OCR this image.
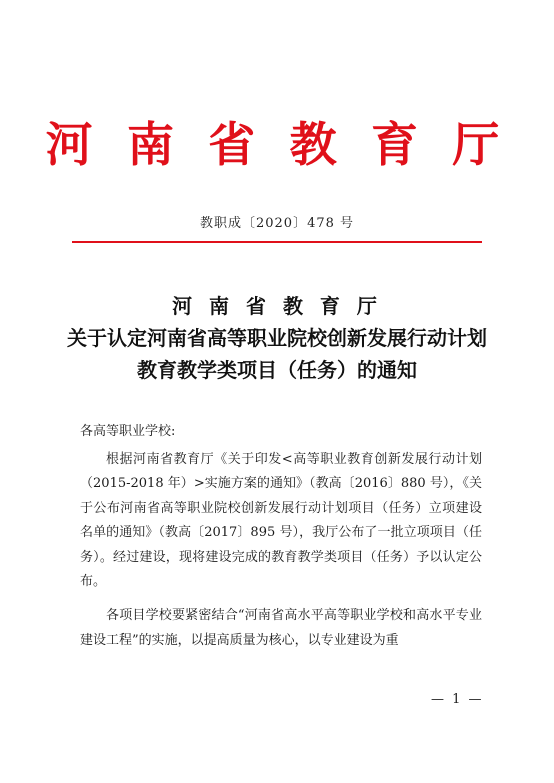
河 南 省 教 育 厅
教职成〔2020〕478 号
河 南 省 教 育 厅
关于认定河南省高等职业院校创新发展行动计划
教育教学类项目（任务）的通知
各高等职业学校:

根据河南省教育厅《关于印发<高等职业教育创新发展行动计划（2015-2018 年）>实施方案的通知》（教高〔2016〕880 号），《关于公布河南省高等职业院校创新发展行动计划项目（任务）立项建设名单的通知》（教高〔2017〕895 号），我厅公布了一批立项项目（任务）。经过建设，现将建设完成的教育教学类项目（任务）予以认定公布。

各项目学校要紧密结合“河南省高水平高等职业学校和高水平专业建设工程”的实施，以提高质量为核心，以专业建设为重

— 1 —
